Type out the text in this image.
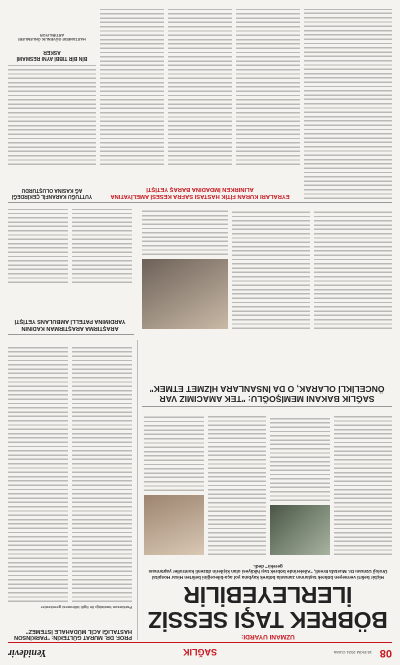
08
18 EKİM 2024 CUMA
SAĞLIK
Yenidevir
UZMANI UYARDI:
BÖBREK TAŞI SESSİZ
İLERLEYEBİLİR
Hiçbir belirti vermeyen böbrek taşlarının zamanla böbrek kaybına yol aça-bileceğini belirten Hisar Hospital Üroloji Uzmanı Dr. Mustafa Erenli, "Ailelerinde böbrek taşı hikâyesi olan kişilerin düzenli kontroller yaptırması gerekir" dedi.
PROF. DR. MURAT GÜLTEKİN: "PARKİNSON HASTALIĞI ACİL MÜDAHALE İSTEMEZ"
Parkinson hastalığı ile ilgili bilinmesi gerekenler
SAĞLIK BAKANI MEMİŞOĞLU: "TEK AMACIMIZ VAR ÖNCELİKLİ OLARAK, O DA İNSANLARA HİZMET ETMEK"
ARAŞTIRMA ARAŞTIRMAN KADININ YARDIMINA PATELLİ AMBULANS YETİŞTİ
EYRALARI KURAN FİTİK HASTASI SAFRA KESESİ AMELİYATINA ALINIRKEN İMDADINA BARAŞ YETİŞTİ
YUTTUĞU KARANFİL ÇEKİRDEĞİ AĞ KASINA OLUŞTURDU
BİN BİR TIBBİ AYNI RESMAMİ ASKER
HASTANEDE GÜVENLİK ÖNLEMLERİ ARTIRILIYOR
